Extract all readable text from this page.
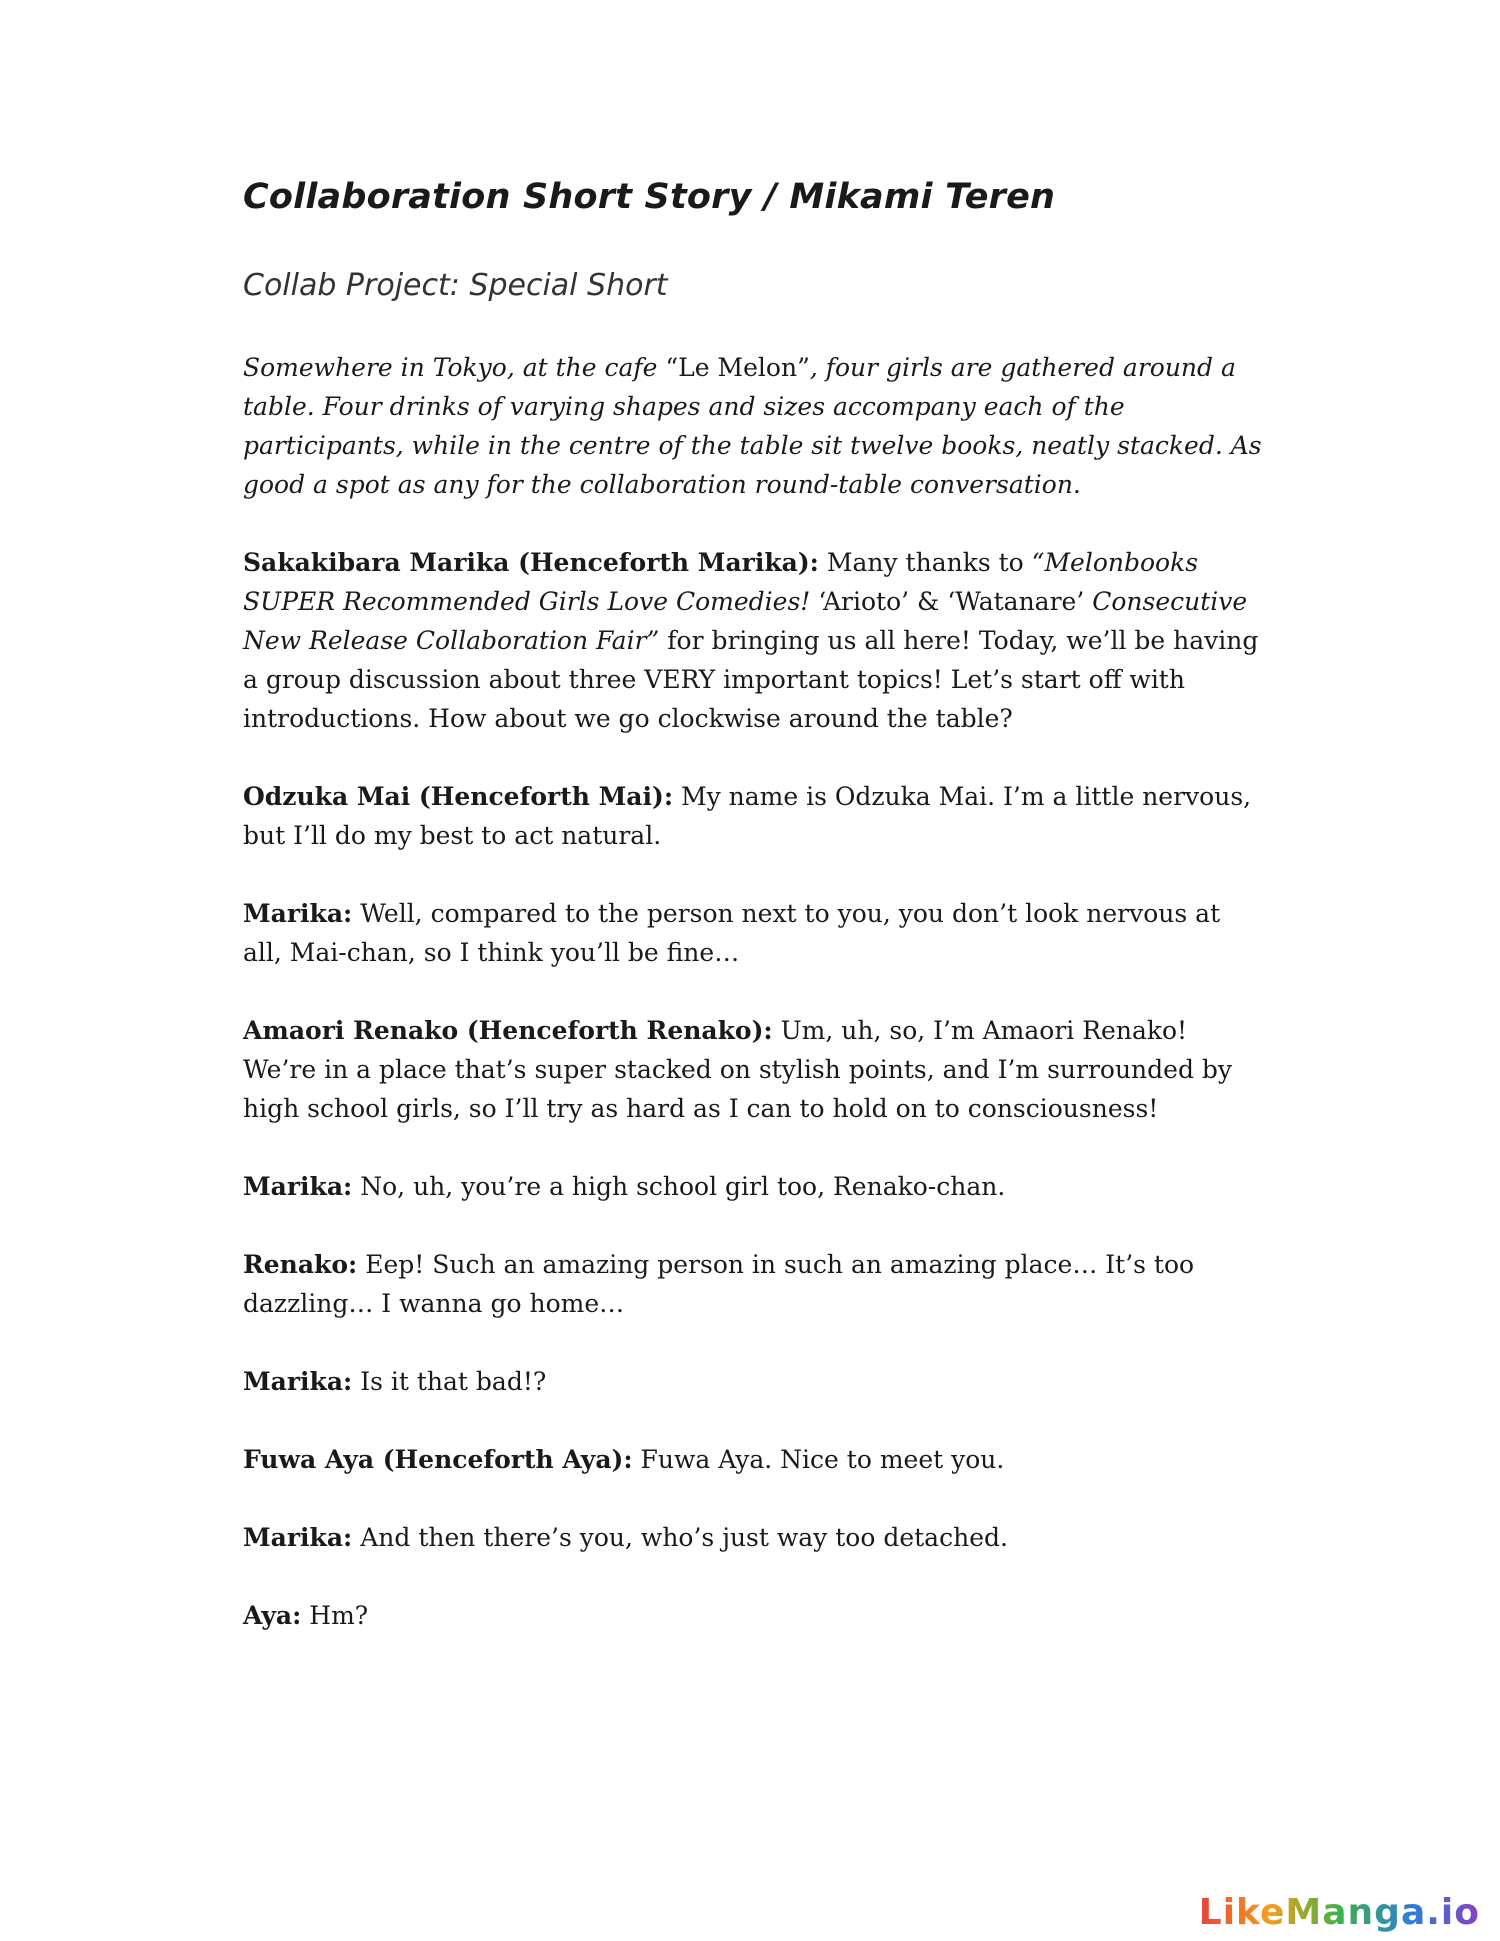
Collaboration Short Story / Mikami Teren
Collab Project: Special Short

Somewhere in Tokyo, at the cafe “Le Melon”, four girls are gathered around a table. Four drinks of varying shapes and sizes accompany each of the participants, while in the centre of the table sit twelve books, neatly stacked. As good a spot as any for the collaboration round-table conversation.

Sakakibara Marika (Henceforth Marika): Many thanks to “Melonbooks SUPER Recommended Girls Love Comedies! ‘Arioto’ & ‘Watanare’ Consecutive New Release Collaboration Fair” for bringing us all here! Today, we’ll be having a group discussion about three VERY important topics! Let’s start off with introductions. How about we go clockwise around the table?

Odzuka Mai (Henceforth Mai): My name is Odzuka Mai. I’m a little nervous, but I’ll do my best to act natural.

Marika: Well, compared to the person next to you, you don’t look nervous at all, Mai-chan, so I think you’ll be fine…

Amaori Renako (Henceforth Renako): Um, uh, so, I’m Amaori Renako! We’re in a place that’s super stacked on stylish points, and I’m surrounded by high school girls, so I’ll try as hard as I can to hold on to consciousness!

Marika: No, uh, you’re a high school girl too, Renako-chan.

Renako: Eep! Such an amazing person in such an amazing place… It’s too dazzling… I wanna go home…

Marika: Is it that bad!?

Fuwa Aya (Henceforth Aya): Fuwa Aya. Nice to meet you.

Marika: And then there’s you, who’s just way too detached.

Aya: Hm?

LikeManga.io
